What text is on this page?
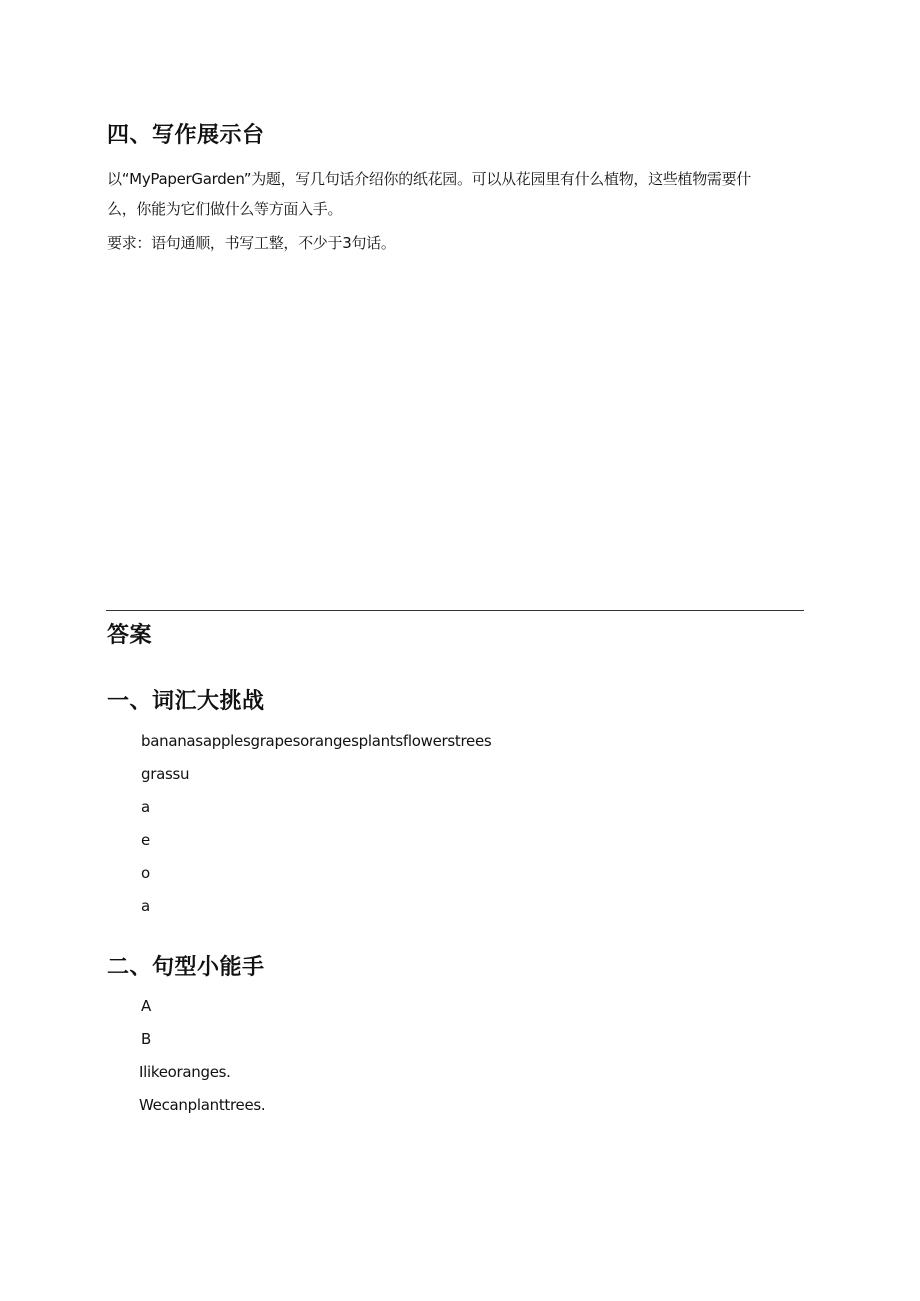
四、写作展示台

以“MyPaperGarden”为题，写几句话介绍你的纸花园。可以从花园里有什么植物，这些植物需要什

么，你能为它们做什么等方面入手。

要求：语句通顺，书写工整，不少于3句话。

答案
一、词汇大挑战

bananasapplesgrapesorangesplantsflowerstrees

grassu

a

e

o

a

二、句型小能手

A

B

Ilikeoranges.

Wecanplanttrees.
